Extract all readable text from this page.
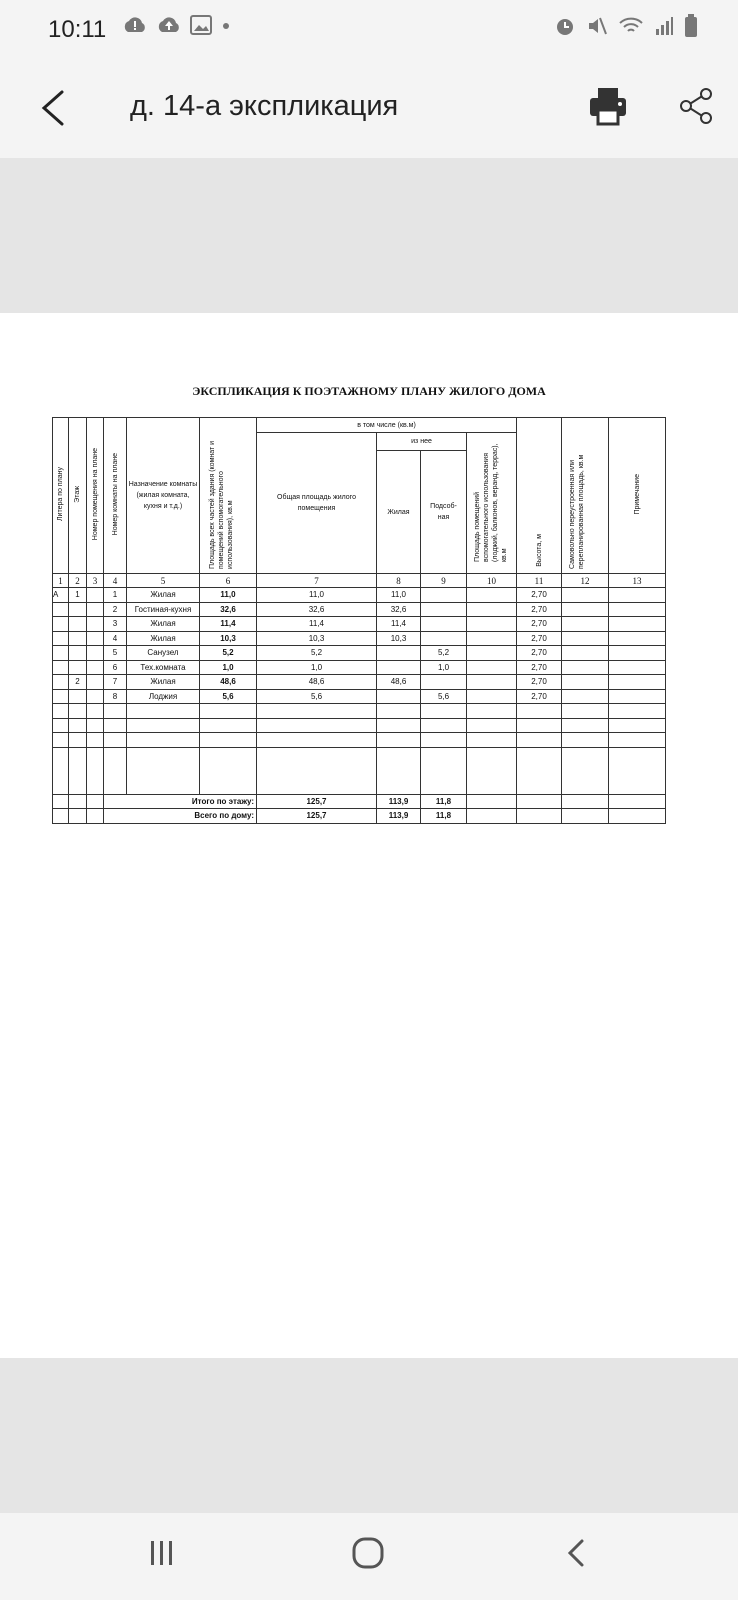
10:11
д. 14-а экспликация
ЭКСПЛИКАЦИЯ К ПОЭТАЖНОМУ ПЛАНУ ЖИЛОГО ДОМА
Литера по плану	Этаж	Номер помещения на плане	Номер комнаты на плане	Назначение комнаты (жилая комната, кухня и т.д.)	Площадь всех частей здания (комнат и помещений вспомогательного использования), кв.м	в том числе (кв.м)				Высота, м	Самовольно переустроенная или перепланированная площадь, кв.м	Примечание

						Общая площадь жилого помещения	из нее		Площадь помещений вспомогательного использования (лоджий, балконов, веранд, террас), кв.м			
							Жилая	Подсоб-ная				

1	2	3	4	5	6	7	8	9	10	11	12	13
А	1		1	Жилая	11,0	11,0	11,0			2,70		
			2	Гостиная-кухня	32,6	32,6	32,6			2,70		
			3	Жилая	11,4	11,4	11,4			2,70		
			4	Жилая	10,3	10,3	10,3			2,70		
			5	Санузел	5,2	5,2		5,2		2,70		
			6	Тех.комната	1,0	1,0		1,0		2,70		
	2		7	Жилая	48,6	48,6	48,6			2,70		
			8	Лоджия	5,6	5,6		5,6		2,70		

			Итого по этажу:			125,7	113,9	11,8				
			Всего по дому:			125,7	113,9	11,8				
